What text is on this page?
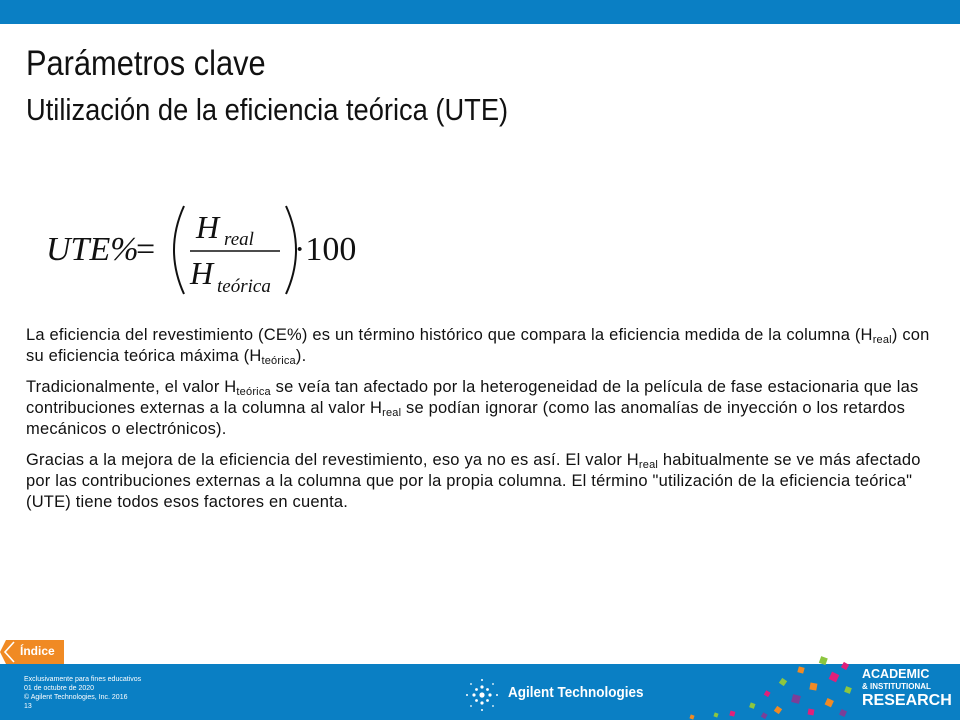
Parámetros clave
Utilización de la eficiencia teórica (UTE)
UTE%
=
H real
H teórica
·100

La eficiencia del revestimiento (CE%) es un término histórico que compara la eficiencia medida de la columna $(H_{real})$ con su eficiencia teórica máxima $(H_{teórica})$.

Tradicionalmente, el valor $H_{teórica}$ se veía tan afectado por la heterogeneidad de la película de fase estacionaria que las contribuciones externas a la columna al valor $H_{real}$ se podían ignorar (como las anomalías de inyección o los retardos mecánicos o electrónicos).

Gracias a la mejora de la eficiencia del revestimiento, eso ya no es así. El valor $H_{real}$ habitualmente se ve más afectado por las contribuciones externas a la columna que por la propia columna. El término "utilización de la eficiencia teórica" (UTE) tiene todos esos factores en cuenta.

Índice
Exclusivamente para fines educativos
01 de octubre de 2020
© Agilent Technologies, Inc. 2016
13
Agilent Technologies
ACADEMIC
& INSTITUTIONAL
RESEARCH
